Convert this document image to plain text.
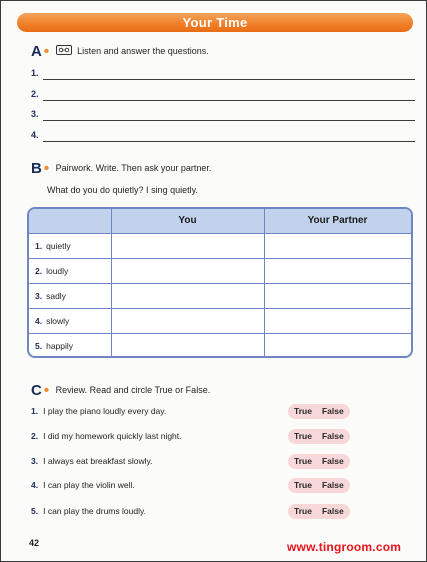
Your Time
A •	Listen and answer the questions.
1.
2.
3.
4.
B • Pairwork. Write. Then ask your partner.
What do you do quietly? I sing quietly.
You	Your Partner
1. quietly
2. loudly
3. sadly
4. slowly
5. happily
C • Review. Read and circle True or False.
1. I play the piano loudly every day.	True False
2. I did my homework quickly last night.	True False
3. I always eat breakfast slowly.	True False
4. I can play the violin well.	True False
5. I can play the drums loudly.	True False
42	www.tingroom.com
